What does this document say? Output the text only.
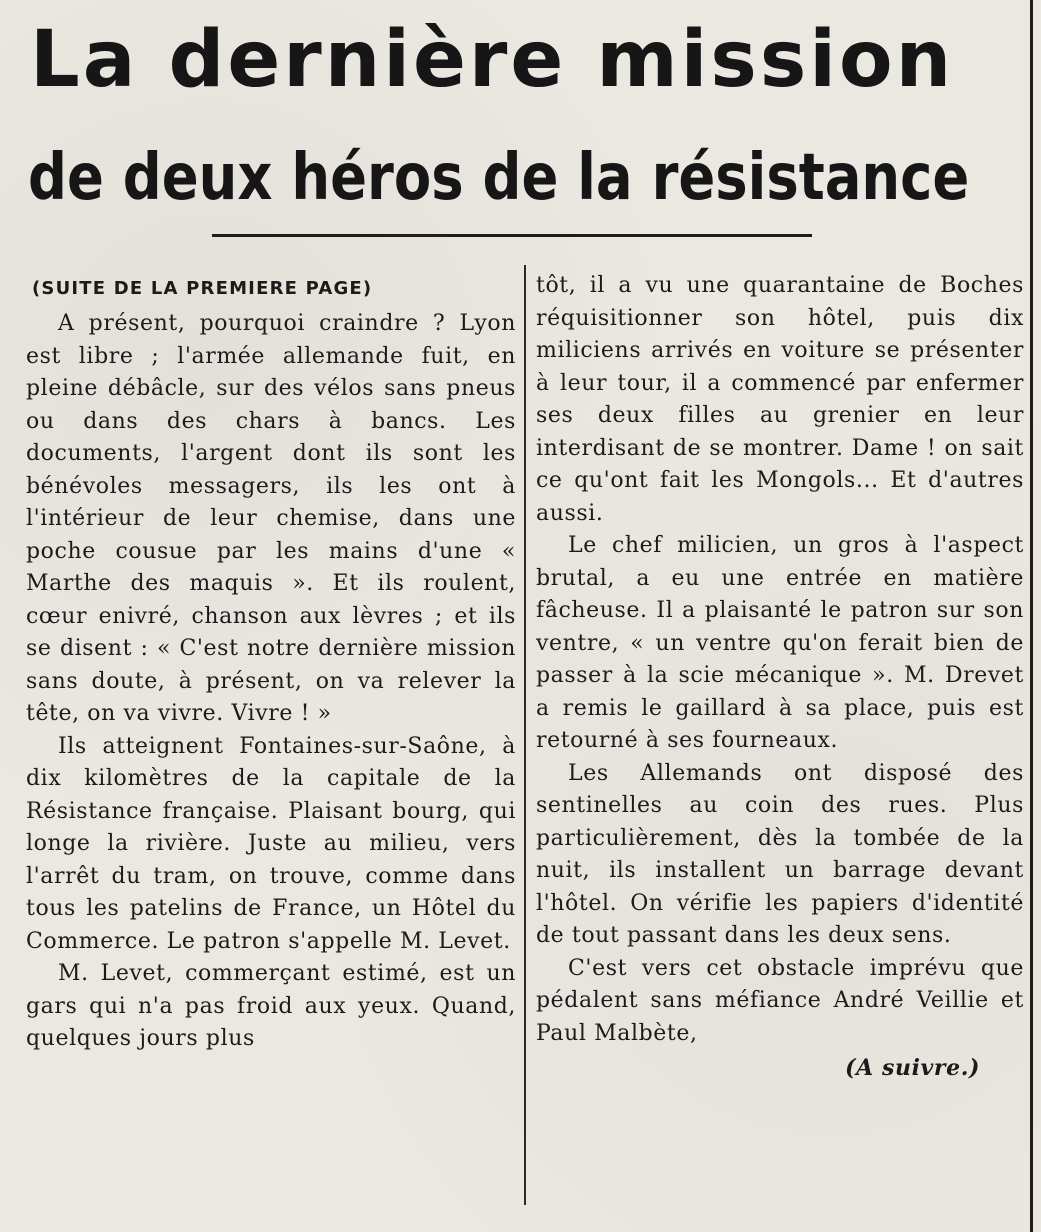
La dernière mission
de deux héros de la résistance
(SUITE DE LA PREMIERE PAGE)

A présent, pourquoi craindre ? Lyon est libre ; l'armée allemande fuit, en pleine débâcle, sur des vélos sans pneus ou dans des chars à bancs. Les documents, l'argent dont ils sont les bénévoles messagers, ils les ont à l'intérieur de leur chemise, dans une poche cousue par les mains d'une « Marthe des maquis ». Et ils roulent, cœur enivré, chanson aux lèvres ; et ils se disent : « C'est notre dernière mission sans doute, à présent, on va relever la tête, on va vivre. Vivre ! »

Ils atteignent Fontaines-sur-Saône, à dix kilomètres de la capitale de la Résistance française. Plaisant bourg, qui longe la rivière. Juste au milieu, vers l'arrêt du tram, on trouve, comme dans tous les patelins de France, un Hôtel du Commerce. Le patron s'appelle M. Levet.

M. Levet, commerçant estimé, est un gars qui n'a pas froid aux yeux. Quand, quelques jours plus

tôt, il a vu une quarantaine de Boches réquisitionner son hôtel, puis dix miliciens arrivés en voiture se présenter à leur tour, il a commencé par enfermer ses deux filles au grenier en leur interdisant de se montrer. Dame ! on sait ce qu'ont fait les Mongols... Et d'autres aussi.

Le chef milicien, un gros à l'aspect brutal, a eu une entrée en matière fâcheuse. Il a plaisanté le patron sur son ventre, « un ventre qu'on ferait bien de passer à la scie mécanique ». M. Drevet a remis le gaillard à sa place, puis est retourné à ses fourneaux.

Les Allemands ont disposé des sentinelles au coin des rues. Plus particulièrement, dès la tombée de la nuit, ils installent un barrage devant l'hôtel. On vérifie les papiers d'identité de tout passant dans les deux sens.

C'est vers cet obstacle imprévu que pédalent sans méfiance André Veillie et Paul Malbète,

(A suivre.)
